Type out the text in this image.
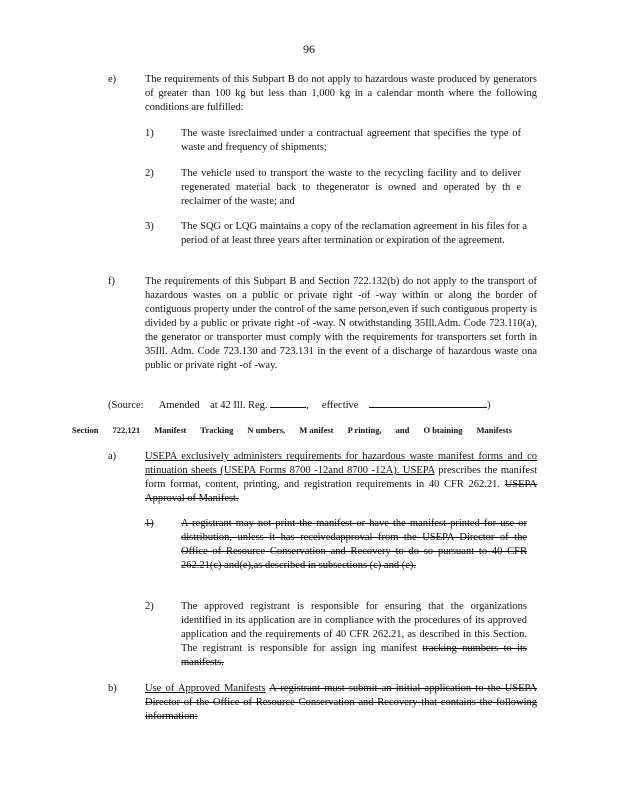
96
e)	The requirements of this Subpart B do not apply to hazardous waste produced by generators of greater than 100 kg but less than 1,000 kg in a calendar month where the following conditions are fulfilled:
1)	The waste isreclaimed under a contractual agreement that specifies the type of waste and frequency of shipments;
2)	The vehicle used to transport the waste to the recycling facility and to deliver regenerated material back to thegenerator is owned and operated by th e reclaimer of the waste; and
3)	The SQG or LQG maintains a copy of the reclamation agreement in his files for a period of at least three years after termination or expiration of the agreement.
f)	The requirements of this Subpart B and Section 722.132(b) do not apply to the transport of hazardous wastes on a public or private right -of -way within or along the border of contiguous property under the control of the same person,even if such contiguous property is divided by a public or private right -of -way. N otwithstanding 35Ill.Adm. Code 723.110(a), the generator or transporter must comply with the requirements for transporters set forth in 35Ill. Adm. Code 723.130 and 723.131 in the event of a discharge of hazardous waste ona public or private right -of -way.
(Source: Amended at 42 Ill. Reg.	, effective	)
Section 722.121 Manifest Tracking N umbers, M anifest P rinting, and O btaining Manifests
a)	USEPA exclusively administers requirements for hazardous waste manifest forms and co ntinuation sheets (USEPA Forms 8700 -12and 8700 -12A). USEPA prescribes the manifest form format, content, printing, and registration requirements in 40 CFR 262.21. USEPA Approval of Manifest.
1)	A registrant may not print the manifest or have the manifest printed for use or distribution, unless it has receivedapproval from the USEPA Director of the Office of Resource Conservation and Recovery to do so pursuant to 40 CFR 262.21(c) and(e),as described in subsections (c) and (e).
2)	The approved registrant is responsible for ensuring that the organizations identified in its application are in compliance with the procedures of its approved application and the requirements of 40 CFR 262.21, as described in this Section. The registrant is responsible for assign ing manifest tracking numbers to its manifests.
b)	Use of Approved Manifests A registrant must submit an initial application to the USEPA Director of the Office of Resource Conservation and Recovery that contains the following information:
